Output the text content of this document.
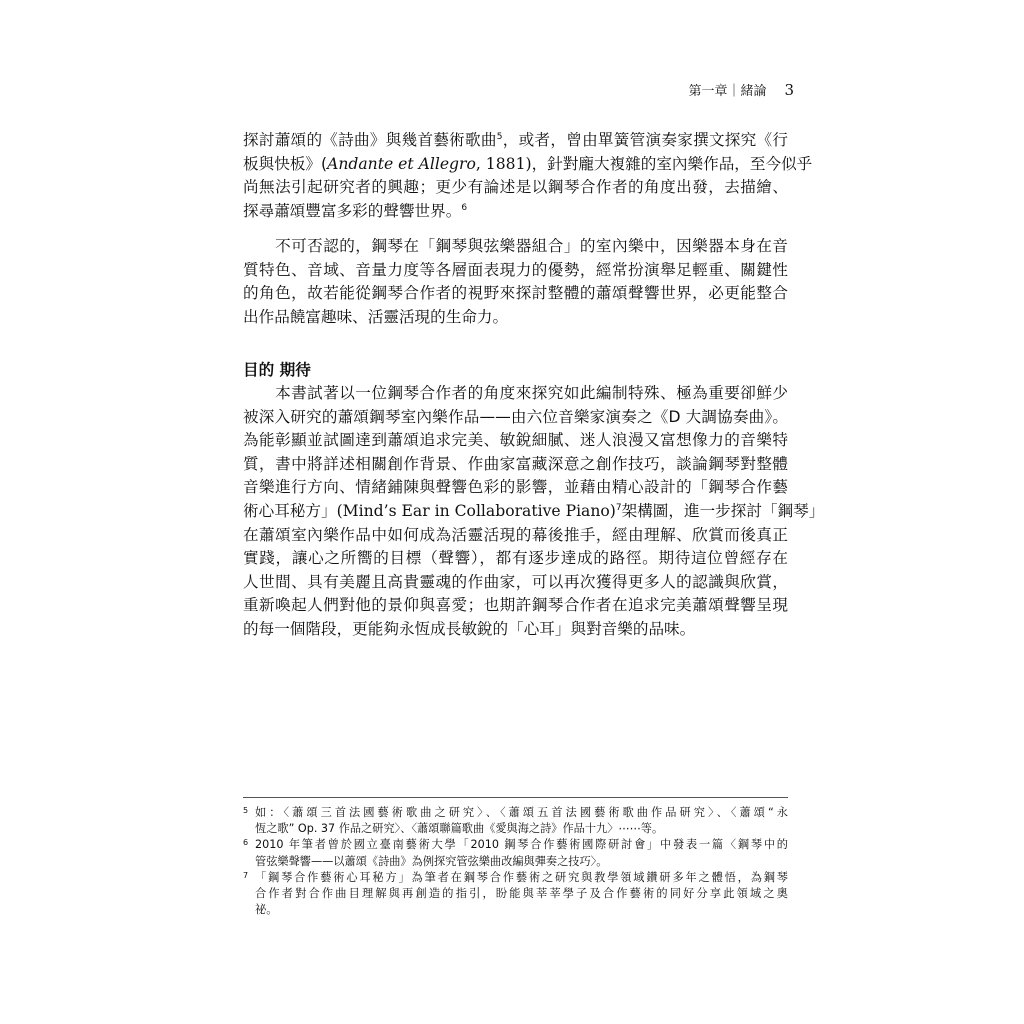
第一章｜緒論 3
探討蕭頌的《詩曲》與幾首藝術歌曲$^5$，或者，曾由單簧管演奏家撰文探究《行
板與快板》(Andante et Allegro, 1881)，針對龐大複雜的室內樂作品，至今似乎
尚無法引起研究者的興趣；更少有論述是以鋼琴合作者的角度出發，去描繪、
探尋蕭頌豐富多彩的聲響世界。$^6$
　　不可否認的，鋼琴在「鋼琴與弦樂器組合」的室內樂中，因樂器本身在音
質特色、音域、音量力度等各層面表現力的優勢，經常扮演舉足輕重、關鍵性
的角色，故若能從鋼琴合作者的視野來探討整體的蕭頌聲響世界，必更能整合
出作品饒富趣味、活靈活現的生命力。
目的 期待
　　本書試著以一位鋼琴合作者的角度來探究如此編制特殊、極為重要卻鮮少
被深入研究的蕭頌鋼琴室內樂作品——由六位音樂家演奏之《D 大調協奏曲》。
為能彰顯並試圖達到蕭頌追求完美、敏銳細膩、迷人浪漫又富想像力的音樂特
質，書中將詳述相關創作背景、作曲家富藏深意之創作技巧，談論鋼琴對整體
音樂進行方向、情緒鋪陳與聲響色彩的影響，並藉由精心設計的「鋼琴合作藝
術心耳秘方」(Mind’s Ear in Collaborative Piano)$^7$架構圖，進一步探討「鋼琴」
在蕭頌室內樂作品中如何成為活靈活現的幕後推手，經由理解、欣賞而後真正
實踐，讓心之所嚮的目標（聲響），都有逐步達成的路徑。期待這位曾經存在
人世間、具有美麗且高貴靈魂的作曲家，可以再次獲得更多人的認識與欣賞，
重新喚起人們對他的景仰與喜愛；也期許鋼琴合作者在追求完美蕭頌聲響呈現
的每一個階段，更能夠永恆成長敏銳的「心耳」與對音樂的品味。
5 如：〈蕭頌三首法國藝術歌曲之研究〉、〈蕭頌五首法國藝術歌曲作品研究〉、〈蕭頌“永
恆之歌” Op. 37 作品之研究〉、〈蕭頌聯篇歌曲《愛與海之詩》作品十九〉⋯⋯等。
6 2010 年筆者曾於國立臺南藝術大學「2010 鋼琴合作藝術國際研討會」中發表一篇〈鋼琴中的
管弦樂聲響——以蕭頌《詩曲》為例探究管弦樂曲改編與彈奏之技巧〉。
7 「鋼琴合作藝術心耳秘方」為筆者在鋼琴合作藝術之研究與教學領域鑽研多年之體悟，為鋼琴
合作者對合作曲目理解與再創造的指引，盼能與莘莘學子及合作藝術的同好分享此領域之奧
祕。
